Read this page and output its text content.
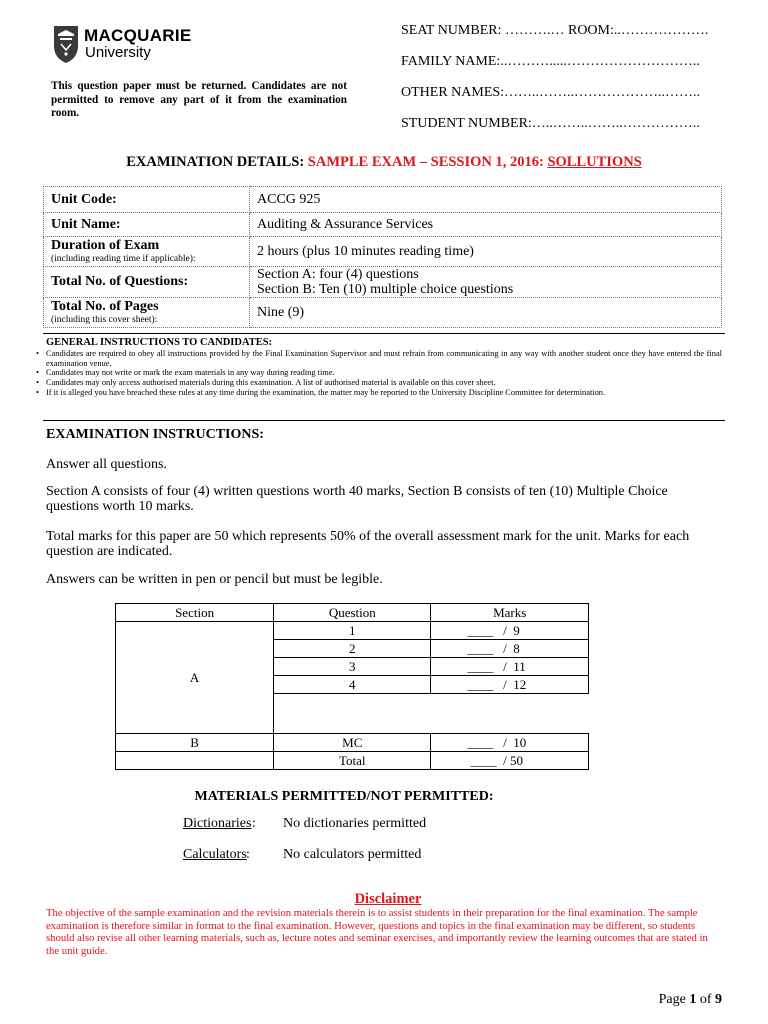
MACQUARIE
University
This question paper must be returned. Candidates are not permitted to remove any part of it from the examination room.
SEAT NUMBER: ……….… ROOM:..……………….
FAMILY NAME:..……….....………………………..
OTHER NAMES:……..……..………………..……..
STUDENT NUMBER:…..……..……..……………..
EXAMINATION DETAILS: SAMPLE EXAM – SESSION 1, 2016: SOLLUTIONS
Unit Code:	ACCG 925
Unit Name:	Auditing & Assurance Services
Duration of Exam
(including reading time if applicable):	2 hours (plus 10 minutes reading time)
Total No. of Questions:	Section A: four (4) questions
Section B: Ten (10) multiple choice questions

Total No. of Pages
(including this cover sheet):	Nine (9)
GENERAL INSTRUCTIONS TO CANDIDATES:
• Candidates are required to obey all instructions provided by the Final Examination Supervisor and must refrain from communicating in any way with another student once they have entered the final examination venue.
• Candidates may not write or mark the exam materials in any way during reading time.
• Candidates may only access authorised materials during this examination. A list of authorised material is available on this cover sheet.
• If it is alleged you have breached these rules at any time during the examination, the matter may be reported to the University Discipline Committee for determination.
EXAMINATION INSTRUCTIONS:
Answer all questions.
Section A consists of four (4) written questions worth 40 marks, Section B consists of ten (10) Multiple Choice questions worth 10 marks.
Total marks for this paper are 50 which represents 50% of the overall assessment mark for the unit. Marks for each question are indicated.
Answers can be written in pen or pencil but must be legible.
Section	Question	Marks
A	1	____   /  9
	2	____   /  8
	3	____   /  11
	4	____   /  12

B	MC	____   /  10
	Total	____  / 50
MATERIALS PERMITTED/NOT PERMITTED:
Dictionaries : No dictionaries permitted
Calculators : No calculators permitted
Disclaimer
The objective of the sample examination and the revision materials therein is to assist students in their preparation for the final examination. The sample examination is therefore similar in format to the final examination. However, questions and topics in the final examination may be different, so students should also revise all other learning materials, such as, lecture notes and seminar exercises, and importantly review the learning outcomes that are stated in the unit guide.
Page 1 of 9
